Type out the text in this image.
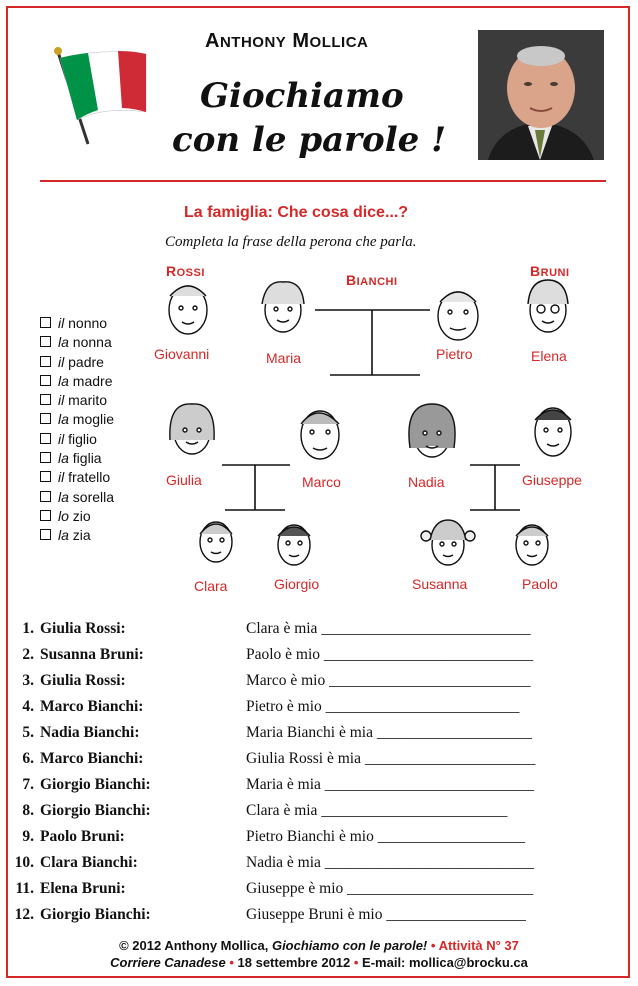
ANTHONY MOLLICA
Giochiamo
con le parole !
La famiglia: Che cosa dice...?
Completa la frase della perona che parla.
ROSSI	BIANCHI
BRUNI
Giovanni	Maria	Pietro	Elena
Giulia	Marco	Nadia	Giuseppe
Clara	Giorgio	Susanna	Paolo
il nonno
la nonna
il padre
la madre
il marito
la moglie
il figlio
la figlia
il fratello
la sorella
lo zio
la zia
1. Giulia Rossi:	Clara è mia ___________________________
2. Susanna Bruni:	Paolo è mio ___________________________
3. Giulia Rossi:	Marco è mio __________________________
4. Marco Bianchi:	Pietro è mio _________________________
5. Nadia Bianchi:	Maria Bianchi è mia ____________________
6. Marco Bianchi:	Giulia Rossi è mia ______________________
7. Giorgio Bianchi:	Maria è mia ___________________________
8. Giorgio Bianchi:	Clara è mia ________________________
9. Paolo Bruni:	Pietro Bianchi è mio ___________________
10. Clara Bianchi:	Nadia è mia ___________________________
11. Elena Bruni:	Giuseppe è mio ________________________
12. Giorgio Bianchi:	Giuseppe Bruni è mio __________________
© 2012 Anthony Mollica, Giochiamo con le parole! • Attività N° 37
Corriere Canadese • 18 settembre 2012 • E-mail: mollica@brocku.ca
